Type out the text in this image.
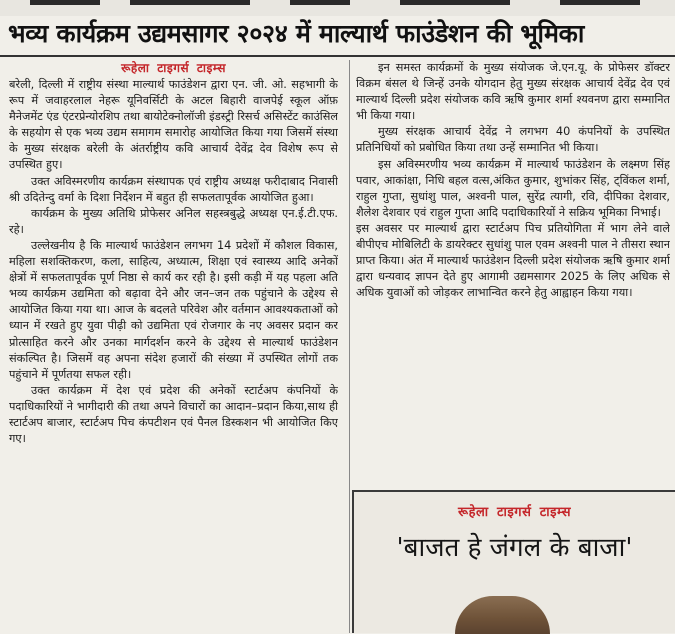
भव्य कार्यक्रम उद्यमसागर २०२४ में माल्यार्थ फाउंडेशन की भूमिका
रूहेला टाइगर्स टाइम्स

बरेली, दिल्ली में राष्ट्रीय संस्था माल्यार्थ फाउंडेशन द्वारा एन. जी. ओ. सहभागी के रूप में जवाहरलाल नेहरू यूनिवर्सिटी के अटल बिहारी वाजपेई स्कूल ऑफ़ मैनेजमेंट एंड एंटरप्रेन्योरशिप तथा बायोटेक्नोलॉजी इंडस्ट्री रिसर्च असिस्टेंट काउंसिल के सहयोग से एक भव्य उद्यम समागम समारोह आयोजित किया गया जिसमें संस्था के मुख्य संरक्षक बरेली के अंतर्राष्ट्रीय कवि आचार्य देवेंद्र देव विशेष रूप से उपस्थित हुए।

उक्त अविस्मरणीय कार्यक्रम संस्थापक एवं राष्ट्रीय अध्यक्ष फरीदाबाद निवासी श्री उदितेन्दु वर्मा के दिशा निर्देशन में बहुत ही सफलतापूर्वक आयोजित हुआ।

कार्यक्रम के मुख्य अतिथि प्रोफेसर अनिल सहस्त्रबुद्धे अध्यक्ष एन.ई.टी.एफ. रहे।

उल्लेखनीय है कि माल्यार्थ फाउंडेशन लगभग 14 प्रदेशों में कौशल विकास, महिला सशक्तिकरण, कला, साहित्य, अध्यात्म, शिक्षा एवं स्वास्थ्य आदि अनेकों क्षेत्रों में सफलतापूर्वक पूर्ण निष्ठा से कार्य कर रही है। इसी कड़ी में यह पहला अति भव्य कार्यक्रम उद्यमिता को बढ़ावा देने और जन–जन तक पहुंचाने के उद्देश्य से आयोजित किया गया था। आज के बदलते परिवेश और वर्तमान आवश्यकताओं को ध्यान में रखते हुए युवा पीढ़ी को उद्यमिता एवं रोजगार के नए अवसर प्रदान कर प्रोत्साहित करने और उनका मार्गदर्शन करने के उद्देश्य से माल्यार्थ फाउंडेशन संकल्पित है। जिसमें वह अपना संदेश हजारों की संख्या में उपस्थित लोगों तक पहुंचाने में पूर्णतया सफल रही।

उक्त कार्यक्रम में देश एवं प्रदेश की अनेकों स्टार्टअप कंपनियों के पदाधिकारियों ने भागीदारी की तथा अपने विचारों का आदान–प्रदान किया,साथ ही स्टार्टअप बाजार, स्टार्टअप पिच कंपटीशन एवं पैनल डिस्कशन भी आयोजित किए गए।

इन समस्त कार्यक्रमों के मुख्य संयोजक जे.एन.यू. के प्रोफेसर डॉक्टर विक्रम बंसल थे जिन्हें उनके योगदान हेतु मुख्य संरक्षक आचार्य देवेंद्र देव एवं माल्यार्थ दिल्ली प्रदेश संयोजक कवि ऋषि कुमार शर्मा श्यवनण द्वारा सम्मानित भी किया गया।

मुख्य संरक्षक आचार्य देवेंद्र ने लगभग 40 कंपनियों के उपस्थित प्रतिनिधियों को प्रबोधित किया तथा उन्हें सम्मानित भी किया।

इस अविस्मरणीय भव्य कार्यक्रम में माल्यार्थ फाउंडेशन के लक्ष्मण सिंह पवार, आकांक्षा, निधि बहल वत्स,अंकित कुमार, शुभांकर सिंह, ट्विंकल शर्मा, राहुल गुप्ता, सुधांशु पाल, अश्वनी पाल, सुरेंद्र त्यागी, रवि, दीपिका देशवार, शैलेश देशवार एवं राहुल गुप्ता आदि पदाधिकारियों ने सक्रिय भूमिका निभाई।

इस अवसर पर माल्यार्थ द्वारा स्टार्टअप पिच प्रतियोगिता में भाग लेने वाले बीपीएच मोबिलिटी के डायरेक्टर सुधांशु पाल एवम अश्वनी पाल ने तीसरा स्थान प्राप्त किया। अंत में माल्यार्थ फाउंडेशन दिल्ली प्रदेश संयोजक ऋषि कुमार शर्मा द्वारा धन्यवाद ज्ञापन देते हुए आगामी उद्यमसागर 2025 के लिए अधिक से अधिक युवाओं को जोड़कर लाभान्वित करने हेतु आह्वाहन किया गया।

रूहेला टाइगर्स टाइम्स
'बाजत हे जंगल के बाजा'
